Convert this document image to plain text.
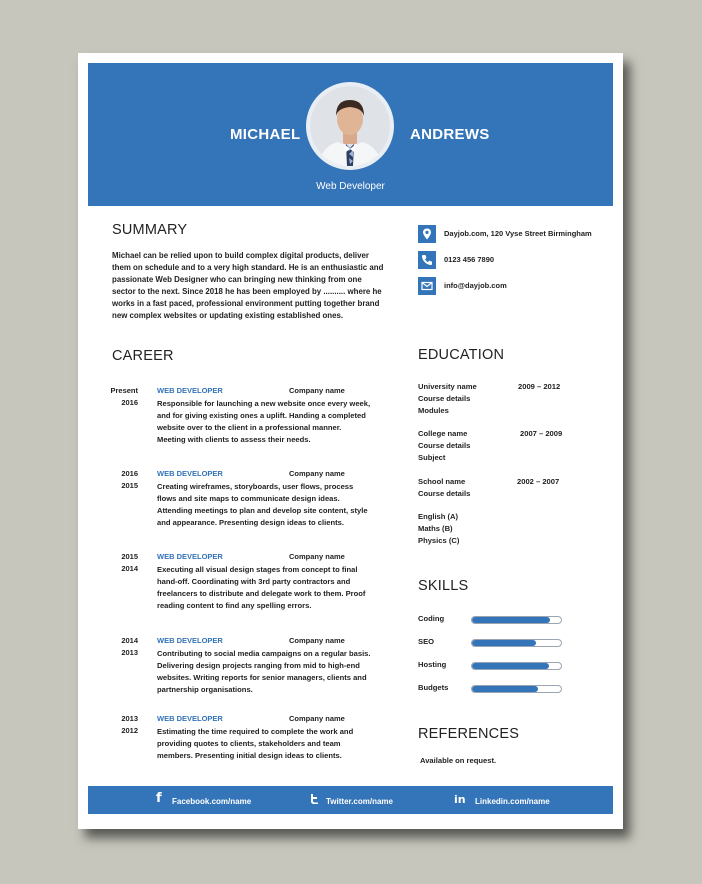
MICHAEL	ANDREWS
Web Developer
SUMMARY
Michael can be relied upon to build complex digital products, deliver them on schedule and to a very high standard. He is an enthusiastic and passionate Web Designer who can bringing new thinking from one sector to the next. Since 2018 he has been employed by .......... where he works in a fast paced, professional environment putting together brand new complex websites or updating existing established ones.
Dayjob.com, 120 Vyse Street Birmingham
0123 456 7890
info@dayjob.com
CAREER
Present
2016
WEB DEVELOPER	Company name
Responsible for launching a new website once every week, and for giving existing ones a uplift. Handing a completed website over to the client in a professional manner. Meeting with clients to assess their needs.
2016
2015
WEB DEVELOPER	Company name
Creating wireframes, storyboards, user flows, process flows and site maps to communicate design ideas. Attending meetings to plan and develop site content, style and appearance. Presenting design ideas to clients.
2015
2014
WEB DEVELOPER	Company name
Executing all visual design stages from concept to final hand-off. Coordinating with 3rd party contractors and freelancers to distribute and delegate work to them. Proof reading content to find any spelling errors.
2014
2013
WEB DEVELOPER	Company name
Contributing to social media campaigns on a regular basis. Delivering design projects ranging from mid to high-end websites. Writing reports for senior managers, clients and partnership organisations.
2013
2012
WEB DEVELOPER	Company name
Estimating the time required to complete the work and providing quotes to clients, stakeholders and team members. Presenting initial design ideas to clients.
EDUCATION
University name	2009 – 2012
Course details
Modules
College name	2007 – 2009
Course details
Subject
School name	2002 – 2007
Course details
English (A)
Maths (B)
Physics (C)
SKILLS
Coding
SEO
Hosting
Budgets
REFERENCES
Available on request.
f Facebook.com/name	Twitter.com/name	in Linkedin.com/name
